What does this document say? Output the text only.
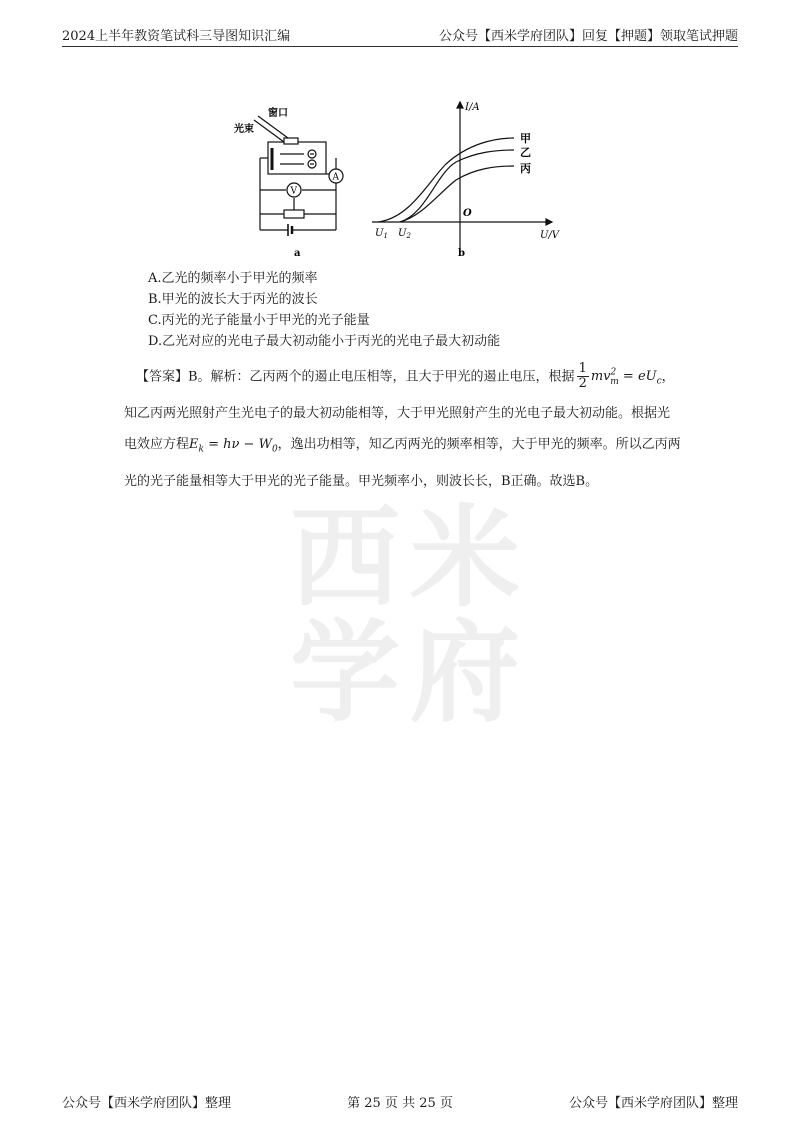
2024上半年教资笔试科三导图知识汇编	公众号【西米学府团队】回复【押题】领取笔试押题
西 米
学 府
光束
窗口
A
V
a
I/A
U/V
O
$U_1$ $U_2$
甲
乙
丙
b
A.乙光的频率小于甲光的频率
B.甲光的波长大于丙光的波长
C.丙光的光子能量小于甲光的光子能量
D.乙光对应的光电子最大初动能小于丙光的光电子最大初动能
【答案】B。解析：乙丙两个的遏止电压相等，且大于甲光的遏止电压，根据 $\frac{1}{2} mv^2_m = eU_c$，
知乙丙两光照射产生光电子的最大初动能相等，大于甲光照射产生的光电子最大初动能。根据光
电效应方程$E_k = h\nu - W_0$，逸出功相等，知乙丙两光的频率相等，大于甲光的频率。所以乙丙两
光的光子能量相等大于甲光的光子能量。甲光频率小，则波长长，B正确。故选B。
公众号【西米学府团队】整理	第 25 页 共 25 页	公众号【西米学府团队】整理
